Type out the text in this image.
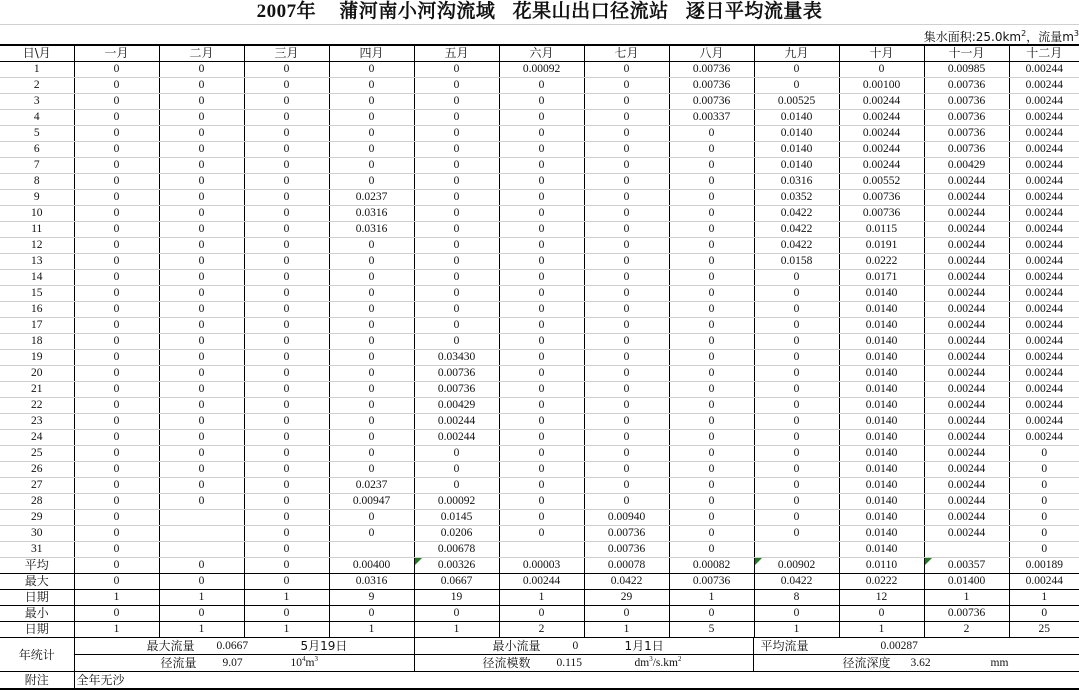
2007年 蒲河南小河沟流域 花果山出口径流站 逐日平均流量表
集水面积$:25.0km^2$，流量$m^3$
日\月	一月	二月	三月	四月	五月	六月	七月	八月	九月	十月	十一月	十二月
1	0	0	0	0	0	0.00092	0	0.00736	0	0	0.00985	0.00244
2	0	0	0	0	0	0	0	0.00736	0	0.00100	0.00736	0.00244
3	0	0	0	0	0	0	0	0.00736	0.00525	0.00244	0.00736	0.00244
4	0	0	0	0	0	0	0	0.00337	0.0140	0.00244	0.00736	0.00244
5	0	0	0	0	0	0	0	0	0.0140	0.00244	0.00736	0.00244
6	0	0	0	0	0	0	0	0	0.0140	0.00244	0.00736	0.00244
7	0	0	0	0	0	0	0	0	0.0140	0.00244	0.00429	0.00244
8	0	0	0	0	0	0	0	0	0.0316	0.00552	0.00244	0.00244
9	0	0	0	0.0237	0	0	0	0	0.0352	0.00736	0.00244	0.00244
10	0	0	0	0.0316	0	0	0	0	0.0422	0.00736	0.00244	0.00244
11	0	0	0	0.0316	0	0	0	0	0.0422	0.0115	0.00244	0.00244
12	0	0	0	0	0	0	0	0	0.0422	0.0191	0.00244	0.00244
13	0	0	0	0	0	0	0	0	0.0158	0.0222	0.00244	0.00244
14	0	0	0	0	0	0	0	0	0	0.0171	0.00244	0.00244
15	0	0	0	0	0	0	0	0	0	0.0140	0.00244	0.00244
16	0	0	0	0	0	0	0	0	0	0.0140	0.00244	0.00244
17	0	0	0	0	0	0	0	0	0	0.0140	0.00244	0.00244
18	0	0	0	0	0	0	0	0	0	0.0140	0.00244	0.00244
19	0	0	0	0	0.03430	0	0	0	0	0.0140	0.00244	0.00244
20	0	0	0	0	0.00736	0	0	0	0	0.0140	0.00244	0.00244
21	0	0	0	0	0.00736	0	0	0	0	0.0140	0.00244	0.00244
22	0	0	0	0	0.00429	0	0	0	0	0.0140	0.00244	0.00244
23	0	0	0	0	0.00244	0	0	0	0	0.0140	0.00244	0.00244
24	0	0	0	0	0.00244	0	0	0	0	0.0140	0.00244	0.00244
25	0	0	0	0	0	0	0	0	0	0.0140	0.00244	0
26	0	0	0	0	0	0	0	0	0	0.0140	0.00244	0
27	0	0	0	0.0237	0	0	0	0	0	0.0140	0.00244	0
28	0	0	0	0.00947	0.00092	0	0	0	0	0.0140	0.00244	0
29	0		0	0	0.0145	0	0.00940	0	0	0.0140	0.00244	0
30	0		0	0	0.0206	0	0.00736	0	0	0.0140	0.00244	0
31	0		0		0.00678		0.00736	0		0.0140		0
平均	0	0	0	0.00400	0.00326	0.00003	0.00078	0.00082	0.00902	0.0110	0.00357	0.00189
最大	0	0	0	0.0316	0.0667	0.00244	0.0422	0.00736	0.0422	0.0222	0.01400	0.00244
日期	1	1	1	9	19	1	29	1	8	12	1	1
最小	0	0	0	0	0	0	0	0	0	0	0.00736	0
日期	1	1	1	1	1	2	1	5	1	1	2	25
年统计	
最大流量 0.0667	5月19日	最小流量	0	1月1日	平均流量	0.00287

径流量 9.07	$10^4m^3$	径流模数 0.115	$dm^3/s.km^2$	径流深度 3.62	mm

附注	全年无沙
